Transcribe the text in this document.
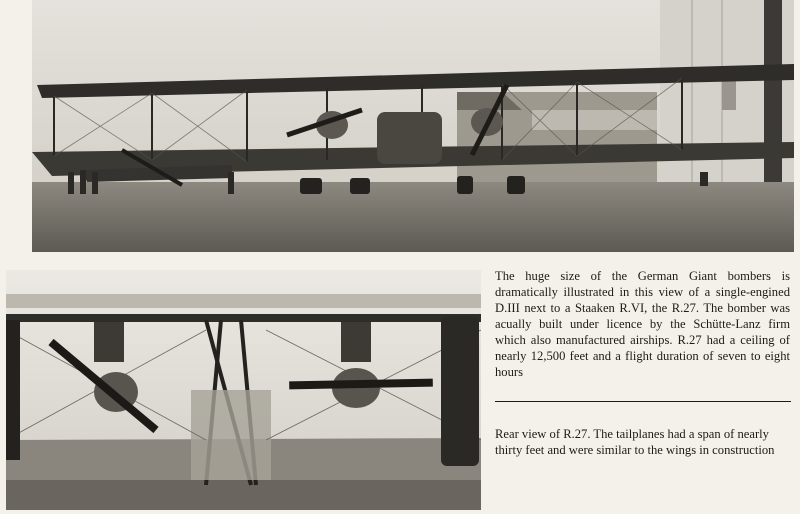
The huge size of the German Giant bombers is dramatically illustrated in this view of a single-engined D.III next to a Staaken R.VI, the R.27. The bomber was acually built under licence by the Schütte-Lanz firm which also manufactured airships. R.27 had a ceiling of nearly 12,500 feet and a flight duration of seven to eight hours
Rear view of R.27. The tailplanes had a span of nearly thirty feet and were similar to the wings in construction
